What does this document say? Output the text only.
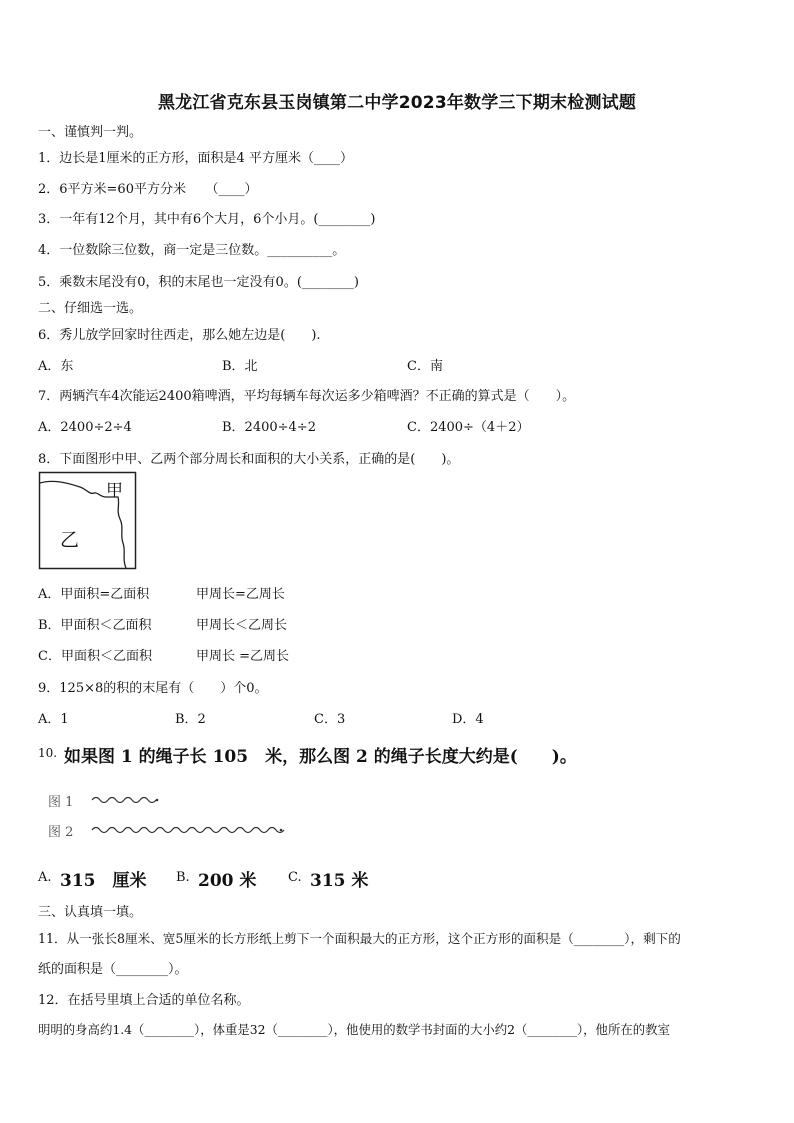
黑龙江省克东县玉岗镇第二中学2023年数学三下期末检测试题
一、谨慎判一判。
1．边长是1厘米的正方形，面积是4 平方厘米（____）
2．6平方米=60平方分米　　（____）
3．一年有12个月，其中有6个大月，6个小月。(________)
4．一位数除三位数，商一定是三位数。__________。
5．乘数末尾没有0，积的末尾也一定没有0。(________)
二、仔细选一选。
6．秀儿放学回家时往西走，那么她左边是(　　).
A．东	B．北	C．南
7．两辆汽车4次能运2400箱啤酒，平均每辆车每次运多少箱啤酒？不正确的算式是（　　）。
A．2400÷2÷4	B．2400÷4÷2	C．2400÷（4＋2）
8．下面图形中甲、乙两个部分周长和面积的大小关系，正确的是(　　)。
甲
乙
A．甲面积=乙面积	甲周长=乙周长
B．甲面积＜乙面积	甲周长＜乙周长
C．甲面积＜乙面积	甲周长 =乙周长
9．125×8的积的末尾有（　　）个0。
A．1	B．2	C．3	D．4
10. 如果图 1 的绳子长 105　米，那么图 2 的绳子长度大约是(　　)。
图 1
图 2
A. 315　厘米 B. 200 米 C. 315 米
三、认真填一填。
11．从一张长8厘米、宽5厘米的长方形纸上剪下一个面积最大的正方形，这个正方形的面积是（________），剩下的
纸的面积是（________）。
12．在括号里填上合适的单位名称。
明明的身高约1.4（________），体重是32（________），他使用的数学书封面的大小约2（________），他所在的教室
